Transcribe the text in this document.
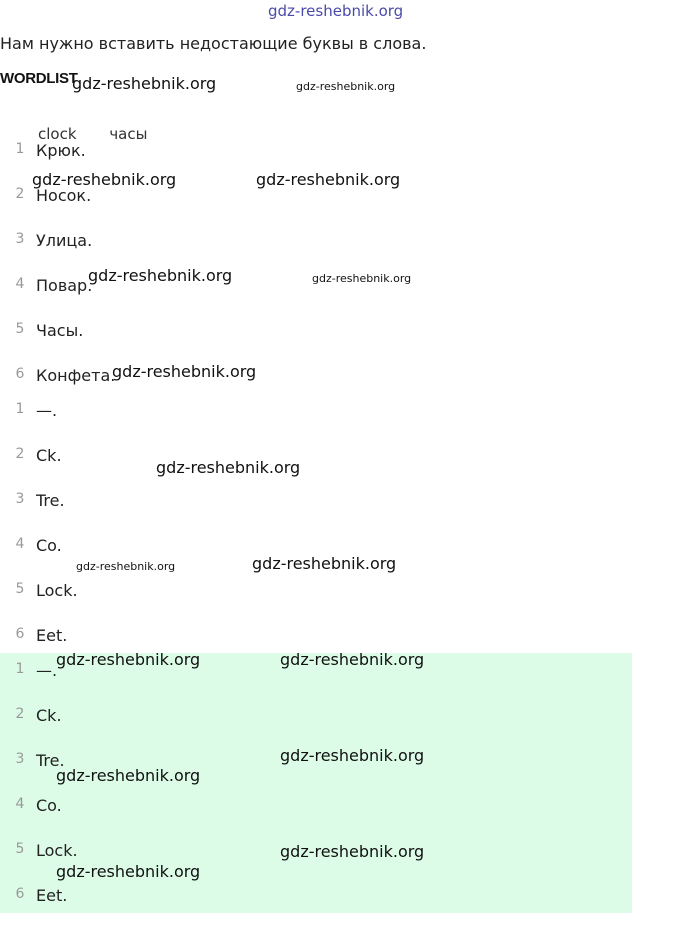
gdz-reshebnik.org
Нам нужно вставить недостающие буквы в слова.
WORDLIST
clock часы
1 Крюк.
2 Носок.
3 Улица.
4 Повар.
5 Часы.
6 Конфета.
1 —.
2 Ck.
3 Tre.
4 Co.
5 Lock.
6 Eet.
1 —.
2 Ck.
3 Tre.
4 Co.
5 Lock.
6 Eet.
gdz-reshebnik.org	gdz-reshebnik.org
gdz-reshebnik.org	gdz-reshebnik.org
gdz-reshebnik.org	gdz-reshebnik.org
gdz-reshebnik.org
gdz-reshebnik.org
gdz-reshebnik.org	gdz-reshebnik.org
gdz-reshebnik.org	gdz-reshebnik.org
gdz-reshebnik.org
gdz-reshebnik.org
gdz-reshebnik.org
gdz-reshebnik.org
